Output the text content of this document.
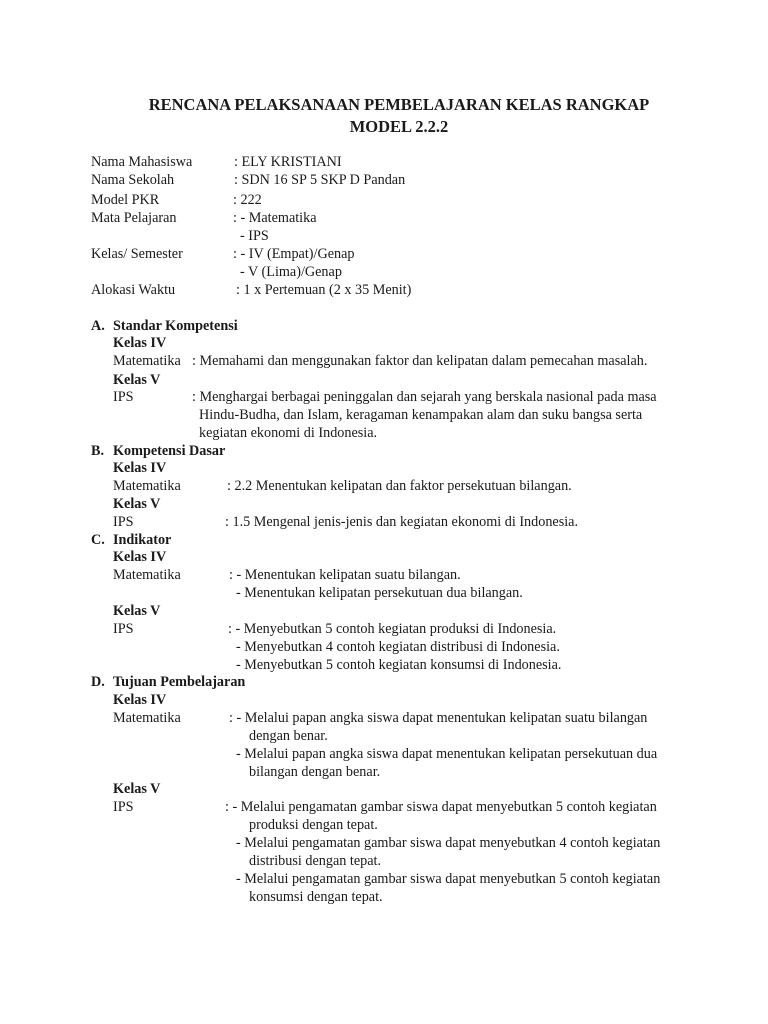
RENCANA PELAKSANAAN PEMBELAJARAN KELAS RANGKAP
MODEL 2.2.2
Nama Mahasiswa	: ELY KRISTIANI
Nama Sekolah	: SDN 16 SP 5 SKP D Pandan
Model PKR	: 222
Mata Pelajaran	: - Matematika
- IPS
Kelas/ Semester	: - IV (Empat)/Genap
- V (Lima)/Genap
Alokasi Waktu	: 1 x Pertemuan (2 x 35 Menit)
A. Standar Kompetensi
Kelas IV
Matematika : Memahami dan menggunakan faktor dan kelipatan dalam pemecahan masalah.
Kelas V
IPS	: Menghargai berbagai peninggalan dan sejarah yang berskala nasional pada masa
Hindu-Budha, dan Islam, keragaman kenampakan alam dan suku bangsa serta
kegiatan ekonomi di Indonesia.
B. Kompetensi Dasar
Kelas IV
Matematika	: 2.2 Menentukan kelipatan dan faktor persekutuan bilangan.
Kelas V
IPS	: 1.5 Mengenal jenis-jenis dan kegiatan ekonomi di Indonesia.
C. Indikator
Kelas IV
Matematika	: - Menentukan kelipatan suatu bilangan.
- Menentukan kelipatan persekutuan dua bilangan.
Kelas V
IPS	: - Menyebutkan 5 contoh kegiatan produksi di Indonesia.
- Menyebutkan 4 contoh kegiatan distribusi di Indonesia.
- Menyebutkan 5 contoh kegiatan konsumsi di Indonesia.
D. Tujuan Pembelajaran
Kelas IV
Matematika	: - Melalui papan angka siswa dapat menentukan kelipatan suatu bilangan
dengan benar.
- Melalui papan angka siswa dapat menentukan kelipatan persekutuan dua
bilangan dengan benar.
Kelas V
IPS	: - Melalui pengamatan gambar siswa dapat menyebutkan 5 contoh kegiatan
produksi dengan tepat.
- Melalui pengamatan gambar siswa dapat menyebutkan 4 contoh kegiatan
distribusi dengan tepat.
- Melalui pengamatan gambar siswa dapat menyebutkan 5 contoh kegiatan
konsumsi dengan tepat.
